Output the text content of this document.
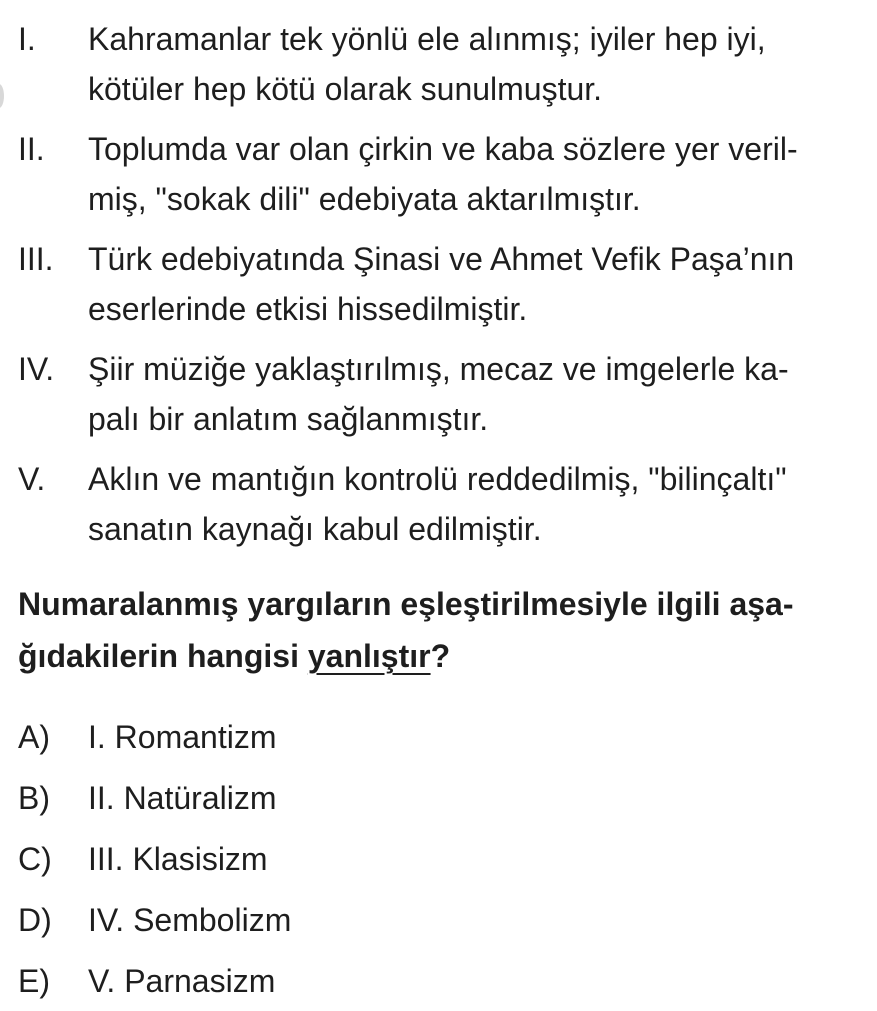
I.	Kahramanlar tek yönlü ele alınmış; iyiler hep iyi,
kötüler hep kötü olarak sunulmuştur.
II.	Toplumda var olan çirkin ve kaba sözlere yer veril-
miş, "sokak dili" edebiyata aktarılmıştır.
III.	Türk edebiyatında Şinasi ve Ahmet Vefik Paşa’nın
eserlerinde etkisi hissedilmiştir.
IV.	Şiir müziğe yaklaştırılmış, mecaz ve imgelerle ka-
palı bir anlatım sağlanmıştır.
V.	Aklın ve mantığın kontrolü reddedilmiş, "bilinçaltı"
sanatın kaynağı kabul edilmiştir.
Numaralanmış yargıların eşleştirilmesiyle ilgili aşa-
ğıdakilerin hangisi yanlıştır?
A)	I. Romantizm
B)	II. Natüralizm
C)	III. Klasisizm
D)	IV. Sembolizm
E)	V. Parnasizm
